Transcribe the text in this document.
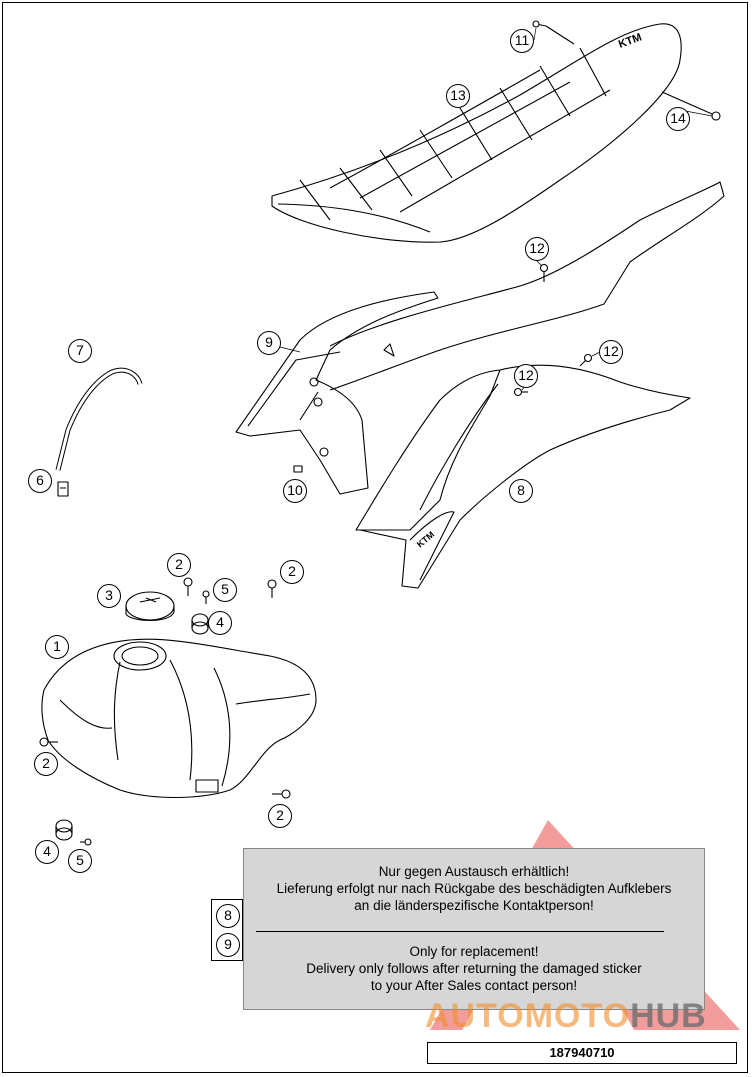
KTM
KTM
11
13
14
12
9
7	12
12
6
10	8
2	2
5
3
4
1
2
2
4
5
Nur gegen Austausch erhältlich!
Lieferung erfolgt nur nach Rückgabe des beschädigten Aufklebers
an die länderspezifische Kontaktperson!
Only for replacement!
Delivery only follows after returning the damaged sticker
to your After Sales contact person!
8
9
AUTOMOTOHUB
187940710
